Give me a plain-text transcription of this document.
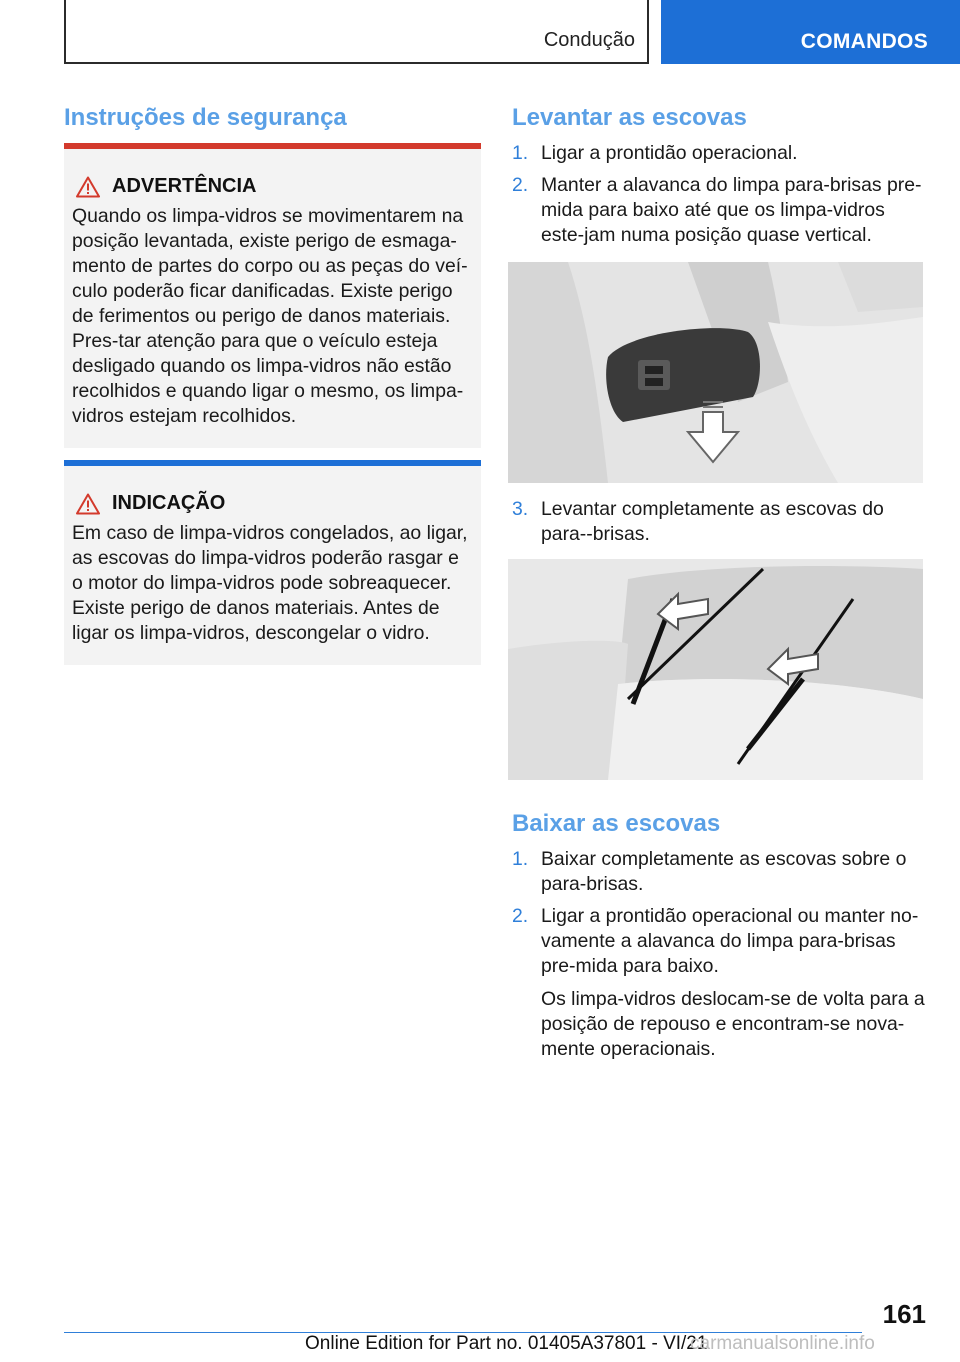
Condução	COMANDOS
Instruções de segurança
ADVERTÊNCIA

Quando os limpa-vidros se movimentarem na posição levantada, existe perigo de esmaga-mento de partes do corpo ou as peças do veí-culo poderão ficar danificadas. Existe perigo de ferimentos ou perigo de danos materiais. Pres-tar atenção para que o veículo esteja desligado quando os limpa-vidros não estão recolhidos e quando ligar o mesmo, os limpa-vidros estejam recolhidos.

INDICAÇÃO

Em caso de limpa-vidros congelados, ao ligar, as escovas do limpa-vidros poderão rasgar e o motor do limpa-vidros pode sobreaquecer. Existe perigo de danos materiais. Antes de ligar os limpa-vidros, descongelar o vidro.

Levantar as escovas
1. Ligar a prontidão operacional.
2. Manter a alavanca do limpa para-brisas pre-mida para baixo até que os limpa-vidros este-jam numa posição quase vertical.
3. Levantar completamente as escovas do para--brisas.
Baixar as escovas
1. Baixar completamente as escovas sobre o para-brisas.
2. Ligar a prontidão operacional ou manter no-vamente a alavanca do limpa para-brisas pre-mida para baixo.
Os limpa-vidros deslocam-se de volta para a posição de repouso e encontram-se nova-mente operacionais.
161
Online Edition for Part no. 01405A37801 - VI/21
carmanualsonline.info
